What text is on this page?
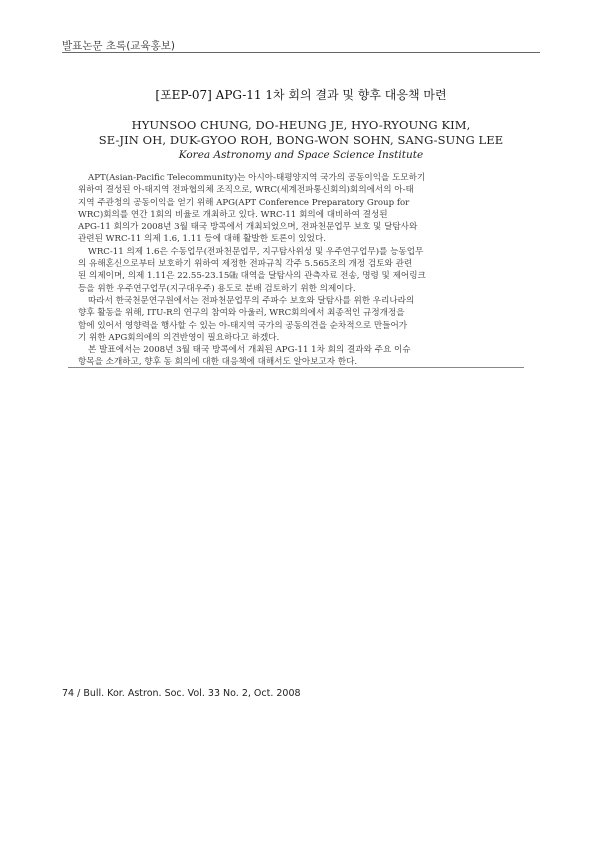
발표논문 초록(교육홍보)
[포EP-07] APG-11 1차 회의 결과 및 향후 대응책 마련
HYUNSOO CHUNG, DO-HEUNG JE, HYO-RYOUNG KIM,
SE-JIN OH, DUK-GYOO ROH, BONG-WON SOHN, SANG-SUNG LEE
Korea Astronomy and Space Science Institute
APT(Asian-Pacific Telecommunity)는 아시아-태평양지역 국가의 공동이익을 도모하기
위하여 결성된 아-태지역 전파협의체 조직으로, WRC(세계전파통신회의)회의에서의 아-태
지역 주관청의 공동이익을 얻기 위해 APG(APT Conference Preparatory Group for
WRC)회의를 연간 1회의 비율로 개최하고 있다. WRC-11 회의에 대비하여 결성된
APG-11 회의가 2008년 3월 태국 방콕에서 개최되었으며, 전파천문업무 보호 및 달탐사와
관련된 WRC-11 의제 1.6, 1.11 등에 대해 활발한 토론이 있었다.
WRC-11 의제 1.6은 수동업무(전파천문업무, 지구탐사위성 및 우주연구업무)를 능동업무
의 유해혼신으로부터 보호하기 위하여 제정한 전파규칙 각주 5.565조의 개정 검토와 관련
된 의제이며, 의제 1.11은 22.55-23.15㎓ 대역을 달탐사의 관측자료 전송, 명령 및 제어링크
등을 위한 우주연구업무(지구대우주) 용도로 분배 검토하기 위한 의제이다.
따라서 한국천문연구원에서는 전파천문업무의 주파수 보호와 달탐사를 위한 우리나라의
향후 활동을 위해, ITU-R의 연구의 참여와 아울러, WRC회의에서 최종적인 규정개정을
함에 있어서 영향력을 행사할 수 있는 아-태지역 국가의 공동의견을 순차적으로 만들어가
기 위한 APG회의에의 의견반영이 필요하다고 하겠다.
본 발표에서는 2008년 3월 태국 방콕에서 개최된 APG-11 1차 회의 결과와 주요 이슈
항목을 소개하고, 향후 동 회의에 대한 대응책에 대해서도 알아보고자 한다.
74 / Bull. Kor. Astron. Soc. Vol. 33 No. 2, Oct. 2008
